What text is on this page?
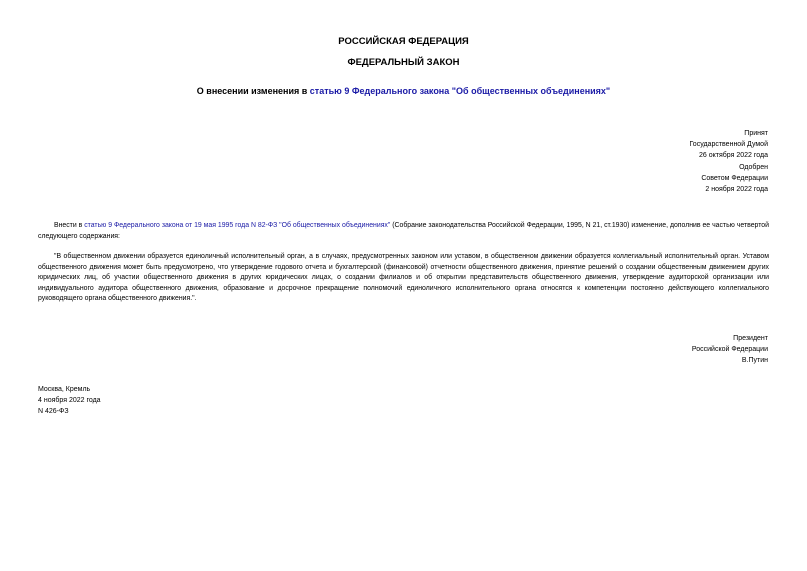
РОССИЙСКАЯ ФЕДЕРАЦИЯ
ФЕДЕРАЛЬНЫЙ ЗАКОН
О внесении изменения в статью 9 Федерального закона "Об общественных объединениях"
Принят
Государственной Думой
26 октября 2022 года
Одобрен
Советом Федерации
2 ноября 2022 года

Внести в статью 9 Федерального закона от 19 мая 1995 года N 82-ФЗ "Об общественных объединениях" (Собрание законодательства Российской Федерации, 1995, N 21, ст.1930) изменение, дополнив ее частью четвертой следующего содержания:

"В общественном движении образуется единоличный исполнительный орган, а в случаях, предусмотренных законом или уставом, в общественном движении образуется коллегиальный исполнительный орган. Уставом общественного движения может быть предусмотрено, что утверждение годового отчета и бухгалтерской (финансовой) отчетности общественного движения, принятие решений о создании общественным движением других юридических лиц, об участии общественного движения в других юридических лицах, о создании филиалов и об открытии представительств общественного движения, утверждение аудиторской организации или индивидуального аудитора общественного движения, образование и досрочное прекращение полномочий единоличного исполнительного органа относятся к компетенции постоянно действующего коллегиального руководящего органа общественного движения.".

Президент
Российской Федерации
В.Путин
Москва, Кремль
4 ноября 2022 года
N 426-ФЗ
